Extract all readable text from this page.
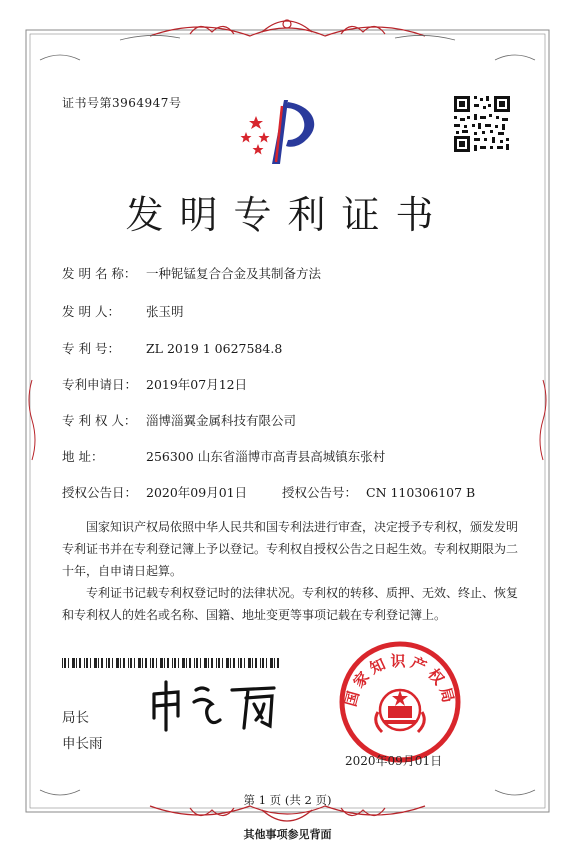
证书号第3964947号
发明专利证书
发 明 名 称： 一种铌锰复合合金及其制备方法
发 明 人： 张玉明
专 利 号： ZL 2019 1 0627584.8
专利申请日： 2019年07月12日
专 利 权 人： 淄博淄翼金属科技有限公司
地 址：	256300 山东省淄博市高青县高城镇东张村
授权公告日： 2020年09月01日	授权公告号： CN 110306107 B
国家知识产权局依照中华人民共和国专利法进行审查，决定授予专利权，颁发发明专利证书并在专利登记簿上予以登记。专利权自授权公告之日起生效。专利权期限为二十年，自申请日起算。
专利证书记载专利权登记时的法律状况。专利权的转移、质押、无效、终止、恢复和专利权人的姓名或名称、国籍、地址变更等事项记载在专利登记簿上。
局长
申长雨
国家知识产权局
2020年09月01日
第 1 页 (共 2 页)
其他事项参见背面
